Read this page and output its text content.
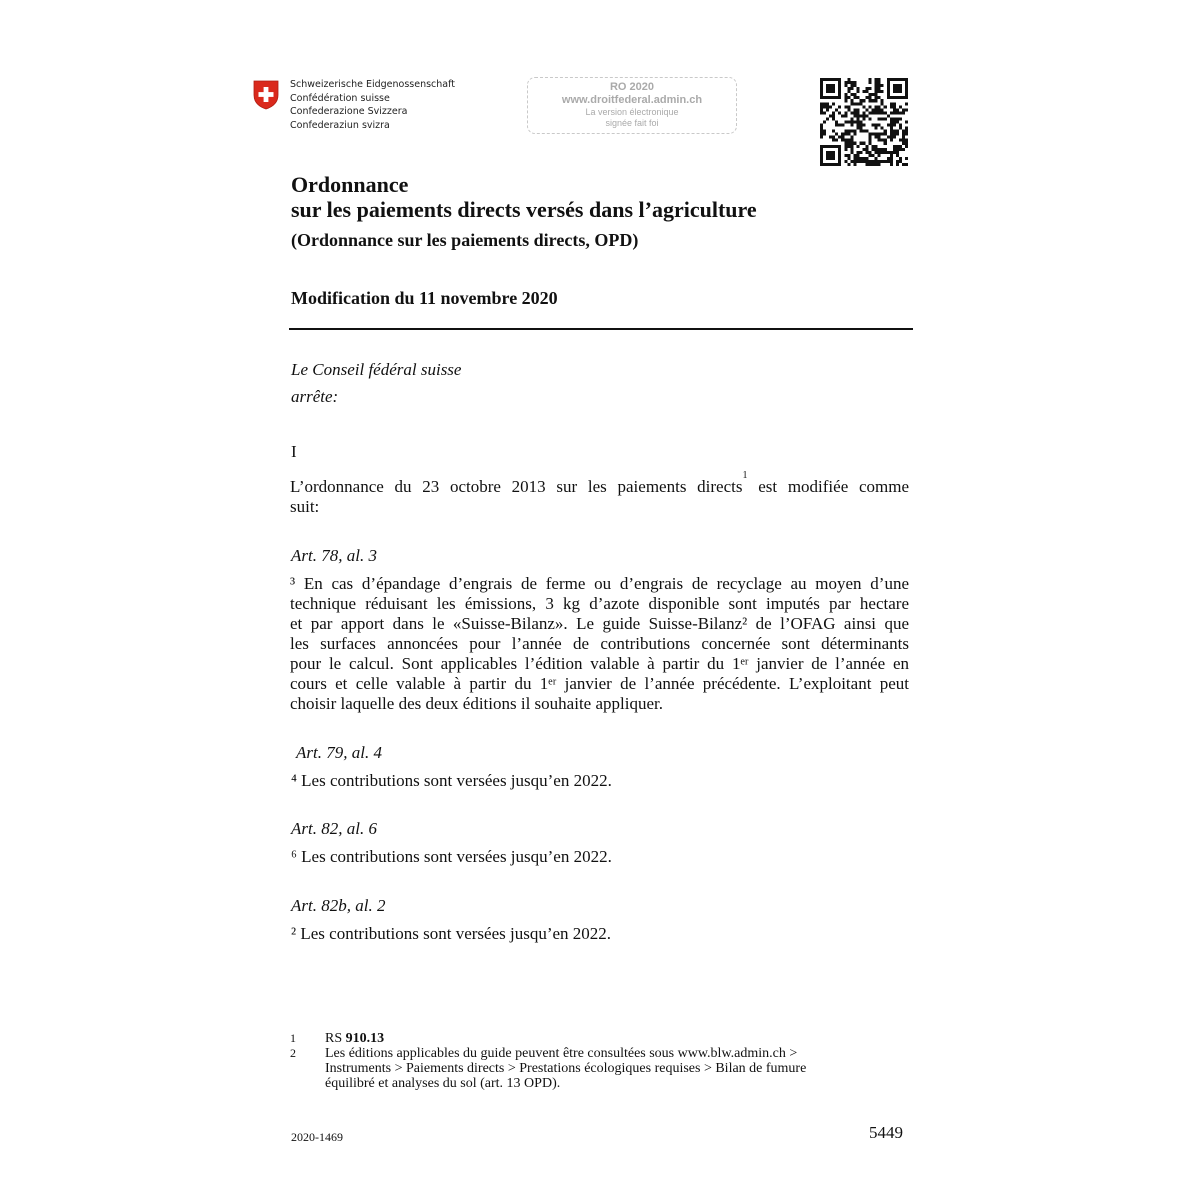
Schweizerische Eidgenossenschaft
Confédération suisse
Confederazione Svizzera
Confederaziun svizra
RO 2020
www.droitfederal.admin.ch
La version électronique
signée fait foi
Ordonnance
sur les paiements directs versés dans l’agriculture
(Ordonnance sur les paiements directs, OPD)
Modification du 11 novembre 2020
Le Conseil fédéral suisse
arrête:
I
L’ordonnance du 23 octobre 2013 sur les paiements directs$^1$ est modifiée comme
suit:
Art. 78, al. 3
³ En cas d’épandage d’engrais de ferme ou d’engrais de recyclage au moyen d’une
technique réduisant les émissions, 3 kg d’azote disponible sont imputés par hectare
et par apport dans le «Suisse-Bilanz». Le guide Suisse-Bilanz² de l’OFAG ainsi que
les surfaces annoncées pour l’année de contributions concernée sont déterminants
pour le calcul. Sont applicables l’édition valable à partir du 1ᵉʳ janvier de l’année en
cours et celle valable à partir du 1ᵉʳ janvier de l’année précédente. L’exploitant peut
choisir laquelle des deux éditions il souhaite appliquer.
Art. 79, al. 4
⁴ Les contributions sont versées jusqu’en 2022.
Art. 82, al. 6
⁶ Les contributions sont versées jusqu’en 2022.
Art. 82b, al. 2
² Les contributions sont versées jusqu’en 2022.
1	RS 910.13
2	Les éditions applicables du guide peuvent être consultées sous www.blw.admin.ch >
Instruments > Paiements directs > Prestations écologiques requises > Bilan de fumure
équilibré et analyses du sol (art. 13 OPD).
2020-1469	5449
